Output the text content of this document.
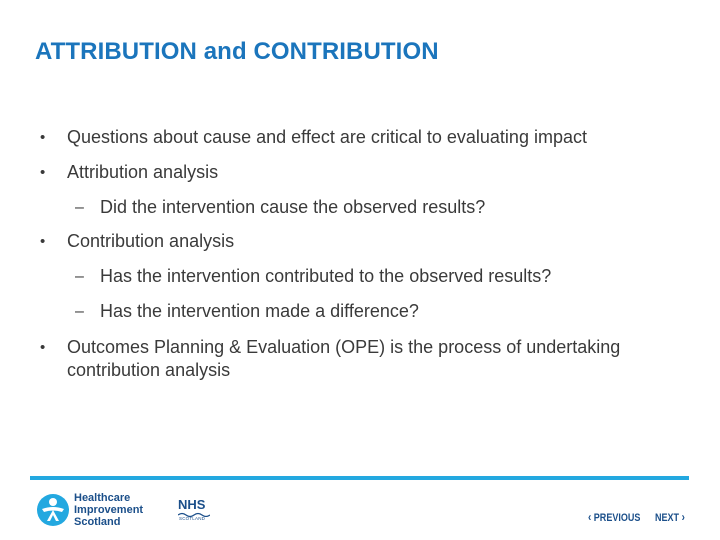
ATTRIBUTION and CONTRIBUTION
• Questions about cause and effect are critical to evaluating impact
• Attribution analysis
– Did the intervention cause the observed results?
• Contribution analysis
– Has the intervention contributed to the observed results?
– Has the intervention made a difference?
• Outcomes Planning & Evaluation (OPE) is the process of undertaking contribution analysis
Healthcare
Improvement
Scotland
NHS
SCOTLAND	‹ PREVIOUS NEXT ›
